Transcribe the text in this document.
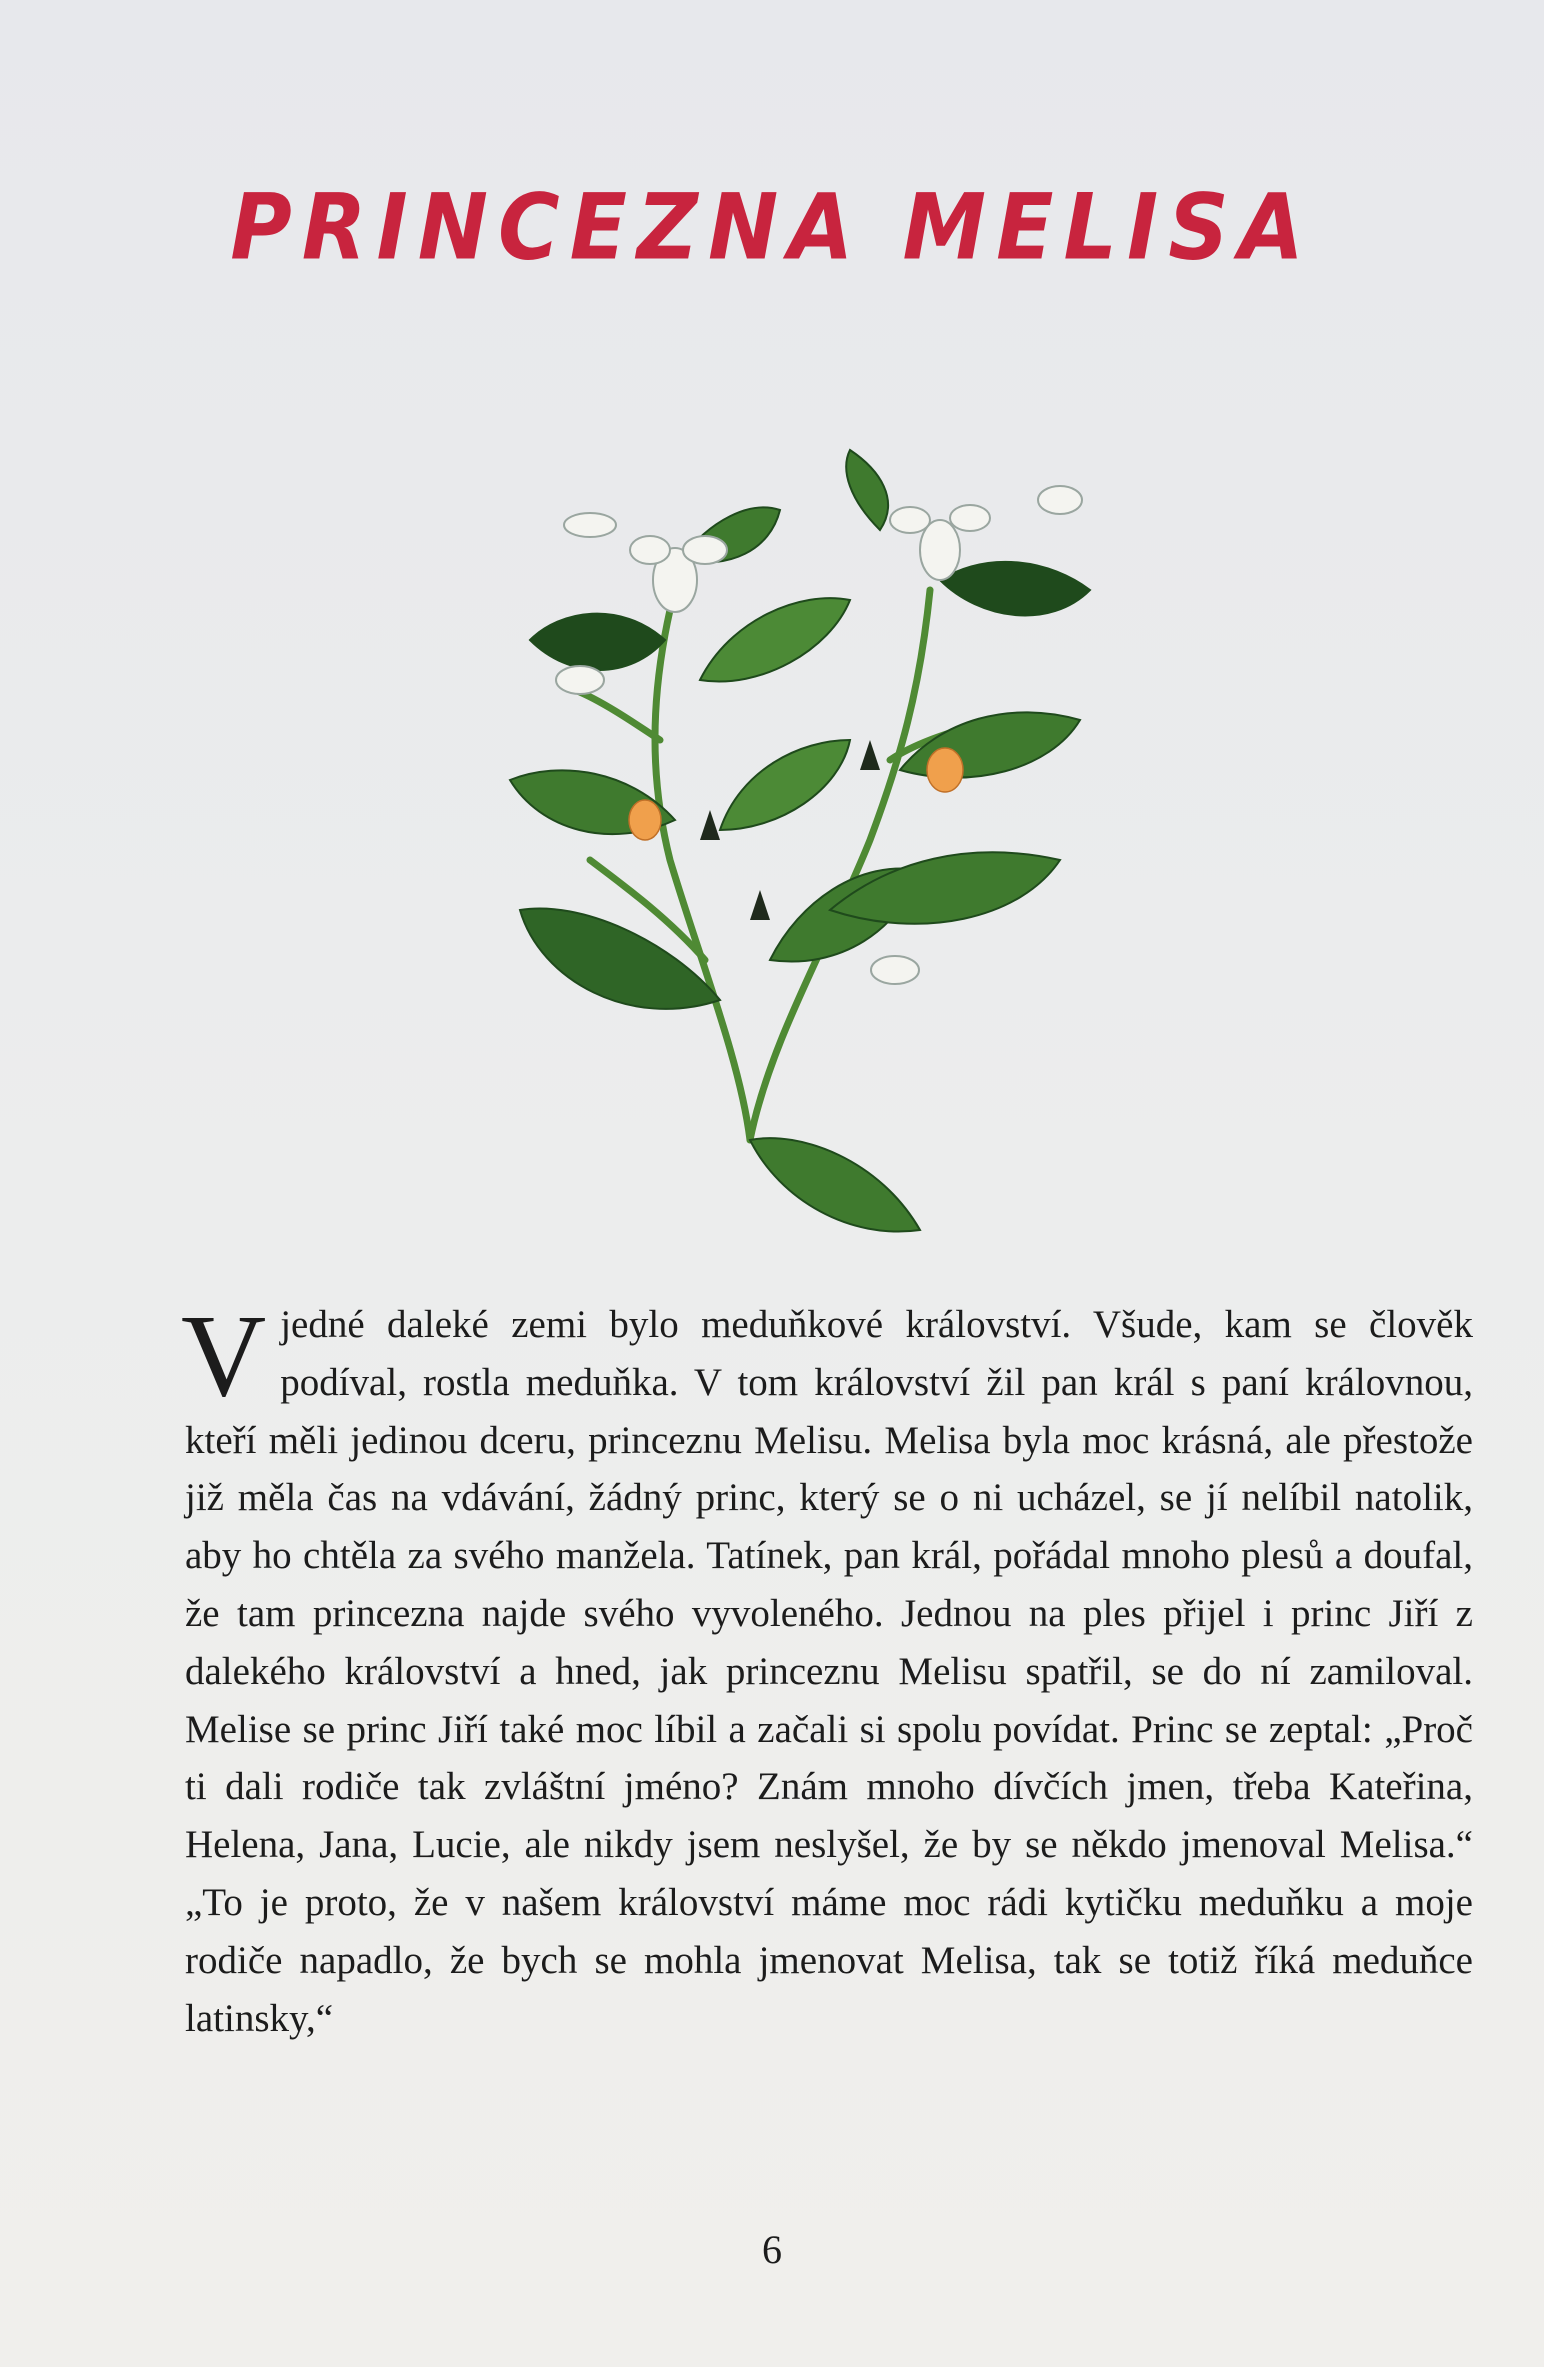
PRINCEZNA MELISA
V jedné daleké zemi bylo meduňkové království. Všude, kam se člověk podíval, rostla meduňka. V tom království žil pan král s paní královnou, kteří měli jedinou dceru, princeznu Melisu. Melisa byla moc krásná, ale přestože již měla čas na vdávání, žádný princ, který se o ni ucházel, se jí nelíbil natolik, aby ho chtěla za svého manžela. Tatínek, pan král, pořádal mnoho plesů a doufal, že tam princezna najde svého vyvoleného. Jednou na ples přijel i princ Jiří z dalekého království a hned, jak princeznu Melisu spatřil, se do ní zamiloval. Melise se princ Jiří také moc líbil a začali si spolu povídat. Princ se zeptal: „Proč ti dali rodiče tak zvláštní jméno? Znám mnoho dívčích jmen, třeba Kateřina, Helena, Jana, Lucie, ale nikdy jsem neslyšel, že by se někdo jmenoval Melisa.“ „To je proto, že v našem království máme moc rádi kytičku meduňku a moje rodiče napadlo, že bych se mohla jmenovat Melisa, tak se totiž říká meduňce latinsky,“

6
